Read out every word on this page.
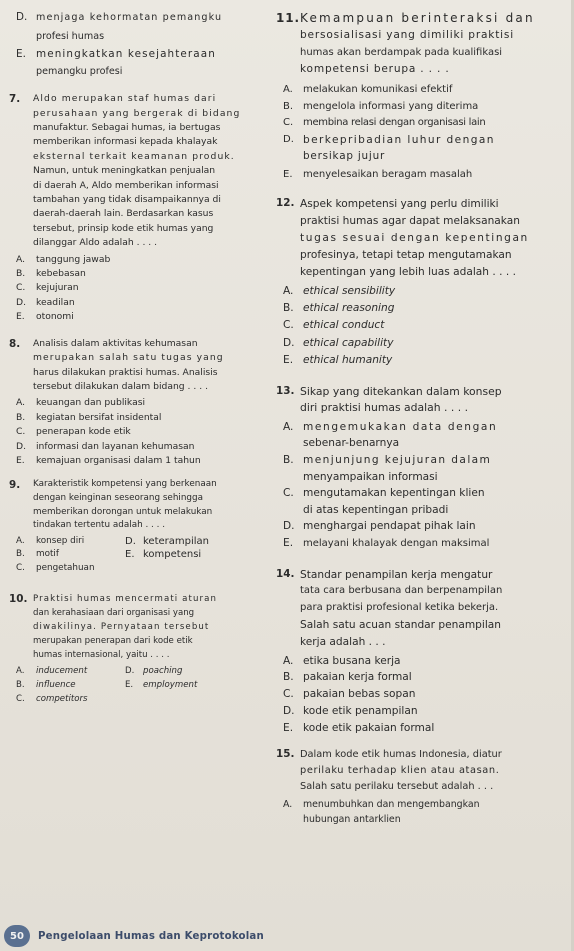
D. menjaga kehormatan pemangku
profesi humas
E. meningkatkan kesejahteraan
pemangku profesi
7. Aldo merupakan staf humas dari
perusahaan yang bergerak di bidang
manufaktur. Sebagai humas, ia bertugas
memberikan informasi kepada khalayak
eksternal terkait keamanan produk.
Namun, untuk meningkatkan penjualan
di daerah A, Aldo memberikan informasi
tambahan yang tidak disampaikannya di
daerah-daerah lain. Berdasarkan kasus
tersebut, prinsip kode etik humas yang
dilanggar Aldo adalah . . . .
A. tanggung jawab
B. kebebasan
C. kejujuran
D. keadilan
E. otonomi
8. Analisis dalam aktivitas kehumasan
merupakan salah satu tugas yang
harus dilakukan praktisi humas. Analisis
tersebut dilakukan dalam bidang . . . .
A. keuangan dan publikasi
B. kegiatan bersifat insidental
C. penerapan kode etik
D. informasi dan layanan kehumasan
E. kemajuan organisasi dalam 1 tahun
9. Karakteristik kompetensi yang berkenaan
dengan keinginan seseorang sehingga
memberikan dorongan untuk melakukan
tindakan tertentu adalah . . . .
A. konsep diri	D. keterampilan
B. motif	E. kompetensi
C. pengetahuan
10. Praktisi humas mencermati aturan
dan kerahasiaan dari organisasi yang
diwakilinya. Pernyataan tersebut
merupakan penerapan dari kode etik
humas internasional, yaitu . . . .
A. inducement	D. poaching
B. influence	E. employment
C. competitors
11. Kemampuan berinteraksi dan
bersosialisasi yang dimiliki praktisi
humas akan berdampak pada kualifikasi
kompetensi berupa . . . .
A. melakukan komunikasi efektif
B. mengelola informasi yang diterima
C. membina relasi dengan organisasi lain
D. berkepribadian luhur dengan
bersikap jujur
E. menyelesaikan beragam masalah
12. Aspek kompetensi yang perlu dimiliki
praktisi humas agar dapat melaksanakan
tugas sesuai dengan kepentingan
profesinya, tetapi tetap mengutamakan
kepentingan yang lebih luas adalah . . . .
A. ethical sensibility
B. ethical reasoning
C. ethical conduct
D. ethical capability
E. ethical humanity
13. Sikap yang ditekankan dalam konsep
diri praktisi humas adalah . . . .
A. mengemukakan data dengan
sebenar-benarnya
B. menjunjung kejujuran dalam
menyampaikan informasi
C. mengutamakan kepentingan klien
di atas kepentingan pribadi
D. menghargai pendapat pihak lain
E. melayani khalayak dengan maksimal
14. Standar penampilan kerja mengatur
tata cara berbusana dan berpenampilan
para praktisi profesional ketika bekerja.
Salah satu acuan standar penampilan
kerja adalah . . .
A. etika busana kerja
B. pakaian kerja formal
C. pakaian bebas sopan
D. kode etik penampilan
E. kode etik pakaian formal
15. Dalam kode etik humas Indonesia, diatur
perilaku terhadap klien atau atasan.
Salah satu perilaku tersebut adalah . . .
A. menumbuhkan dan mengembangkan
hubungan antarklien
50	Pengelolaan Humas dan Keprotokolan
